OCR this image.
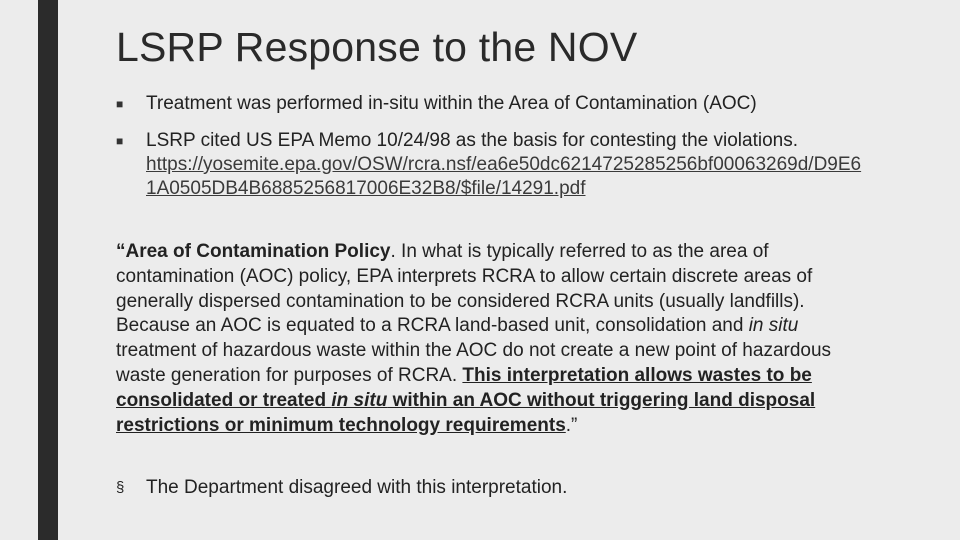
LSRP Response to the NOV
■ Treatment was performed in-situ within the Area of Contamination (AOC)
■ LSRP cited US EPA Memo 10/24/98 as the basis for contesting the violations.
https://yosemite.epa.gov/OSW/rcra.nsf/ea6e50dc6214725285256bf00063269d/D9E61A0505DB4B6885256817006E32B8/$file/14291.pdf
“Area of Contamination Policy. In what is typically referred to as the area of contamination (AOC) policy, EPA interprets RCRA to allow certain discrete areas of generally dispersed contamination to be considered RCRA units (usually landfills). Because an AOC is equated to a RCRA land-based unit, consolidation and in situ treatment of hazardous waste within the AOC do not create a new point of hazardous waste generation for purposes of RCRA. This interpretation allows wastes to be consolidated or treated in situ within an AOC without triggering land disposal restrictions or minimum technology requirements.”
§ The Department disagreed with this interpretation.
